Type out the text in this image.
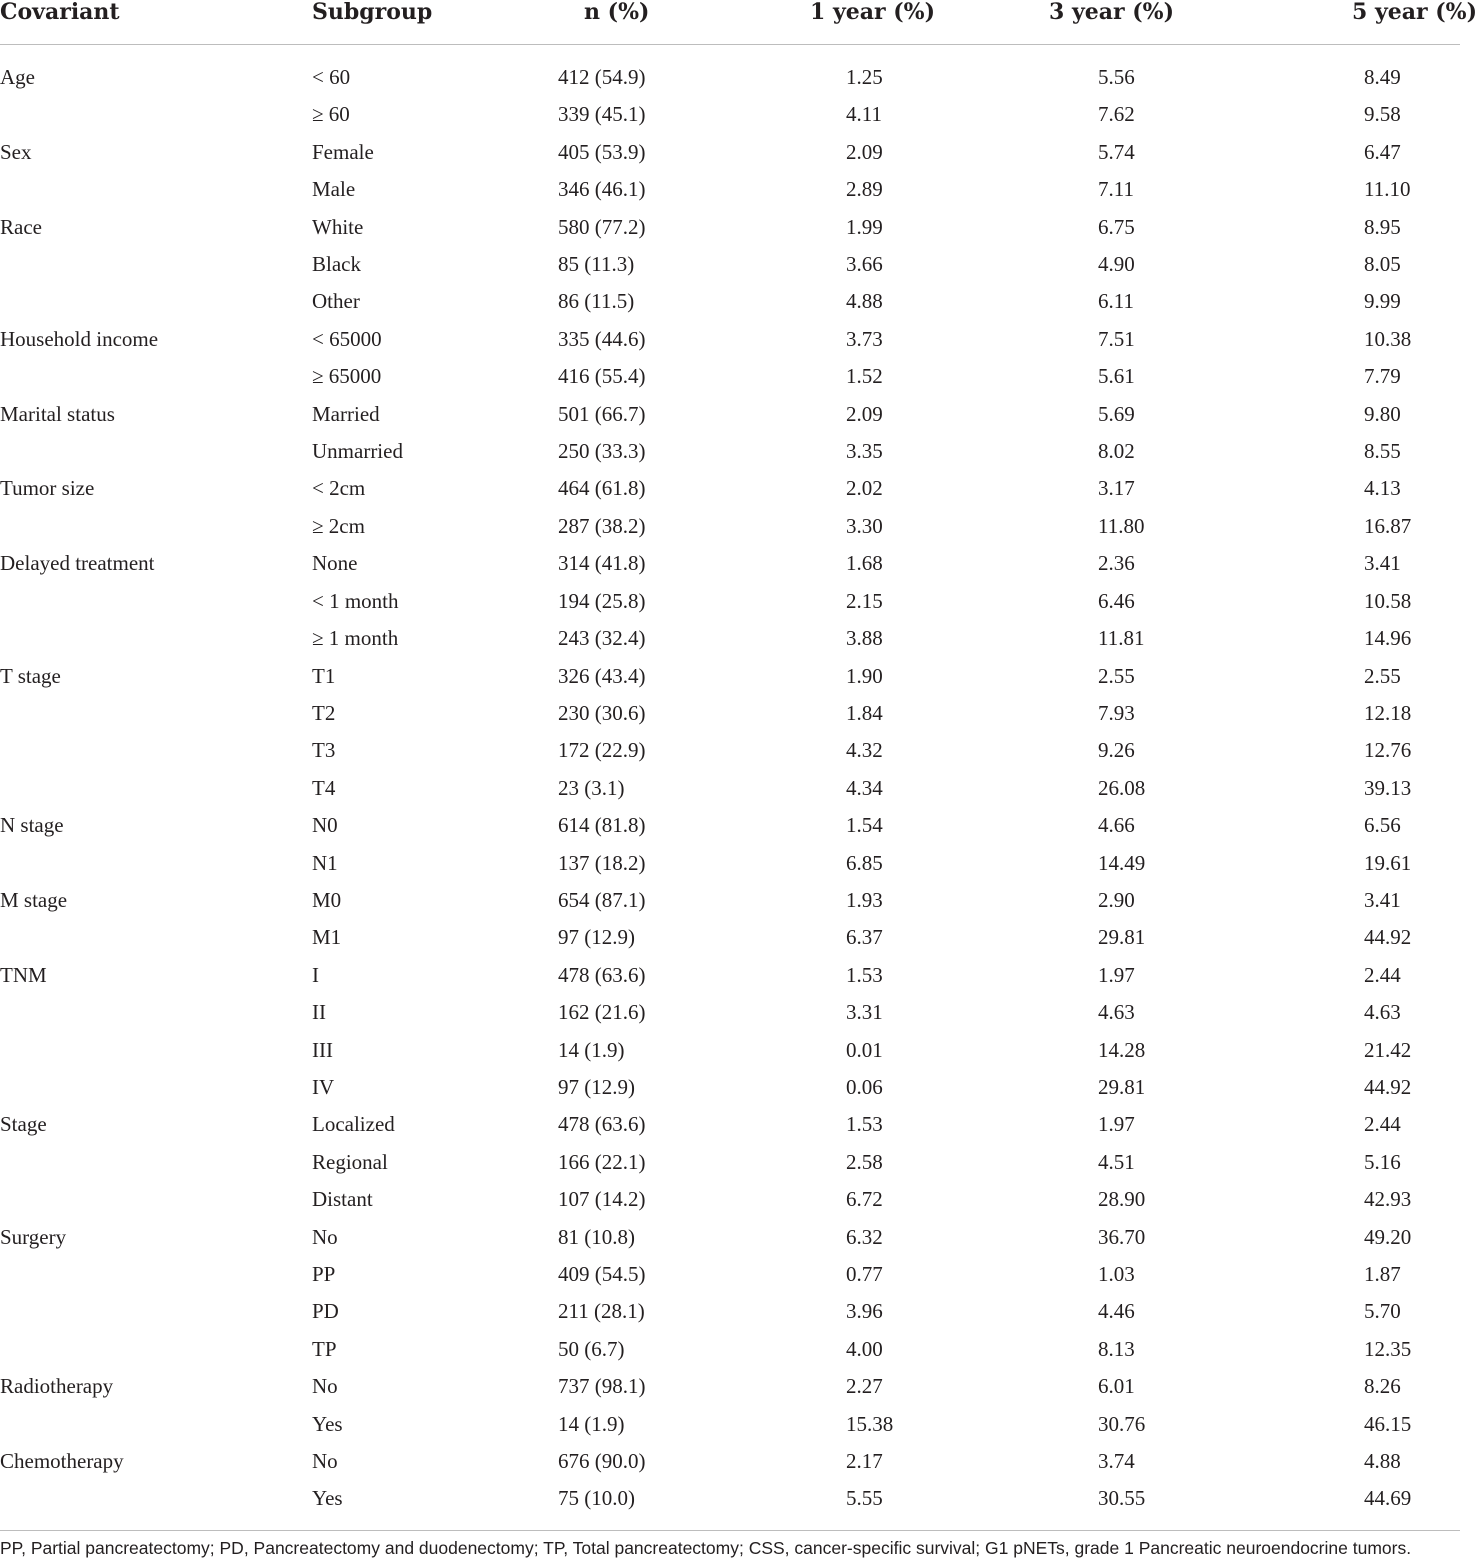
Covariant	Subgroup	n (%)	1 year (%)	3 year (%)	5 year (%)
Age	< 60	412 (54.9)	1.25	5.56	8.49
	≥ 60	339 (45.1)	4.11	7.62	9.58
Sex	Female	405 (53.9)	2.09	5.74	6.47
	Male	346 (46.1)	2.89	7.11	11.10
Race	White	580 (77.2)	1.99	6.75	8.95
	Black	85 (11.3)	3.66	4.90	8.05
	Other	86 (11.5)	4.88	6.11	9.99
Household income	< 65000	335 (44.6)	3.73	7.51	10.38
	≥ 65000	416 (55.4)	1.52	5.61	7.79
Marital status	Married	501 (66.7)	2.09	5.69	9.80
	Unmarried	250 (33.3)	3.35	8.02	8.55
Tumor size	< 2cm	464 (61.8)	2.02	3.17	4.13
	≥ 2cm	287 (38.2)	3.30	11.80	16.87
Delayed treatment	None	314 (41.8)	1.68	2.36	3.41
	< 1 month	194 (25.8)	2.15	6.46	10.58
	≥ 1 month	243 (32.4)	3.88	11.81	14.96
T stage	T1	326 (43.4)	1.90	2.55	2.55
	T2	230 (30.6)	1.84	7.93	12.18
	T3	172 (22.9)	4.32	9.26	12.76
	T4	23 (3.1)	4.34	26.08	39.13
N stage	N0	614 (81.8)	1.54	4.66	6.56
	N1	137 (18.2)	6.85	14.49	19.61
M stage	M0	654 (87.1)	1.93	2.90	3.41
	M1	97 (12.9)	6.37	29.81	44.92
TNM	I	478 (63.6)	1.53	1.97	2.44
	II	162 (21.6)	3.31	4.63	4.63
	III	14 (1.9)	0.01	14.28	21.42
	IV	97 (12.9)	0.06	29.81	44.92
Stage	Localized	478 (63.6)	1.53	1.97	2.44
	Regional	166 (22.1)	2.58	4.51	5.16
	Distant	107 (14.2)	6.72	28.90	42.93
Surgery	No	81 (10.8)	6.32	36.70	49.20
	PP	409 (54.5)	0.77	1.03	1.87
	PD	211 (28.1)	3.96	4.46	5.70
	TP	50 (6.7)	4.00	8.13	12.35
Radiotherapy	No	737 (98.1)	2.27	6.01	8.26
	Yes	14 (1.9)	15.38	30.76	46.15
Chemotherapy	No	676 (90.0)	2.17	3.74	4.88
	Yes	75 (10.0)	5.55	30.55	44.69
PP, Partial pancreatectomy; PD, Pancreatectomy and duodenectomy; TP, Total pancreatectomy; CSS, cancer-specific survival; G1 pNETs, grade 1 Pancreatic neuroendocrine tumors.
